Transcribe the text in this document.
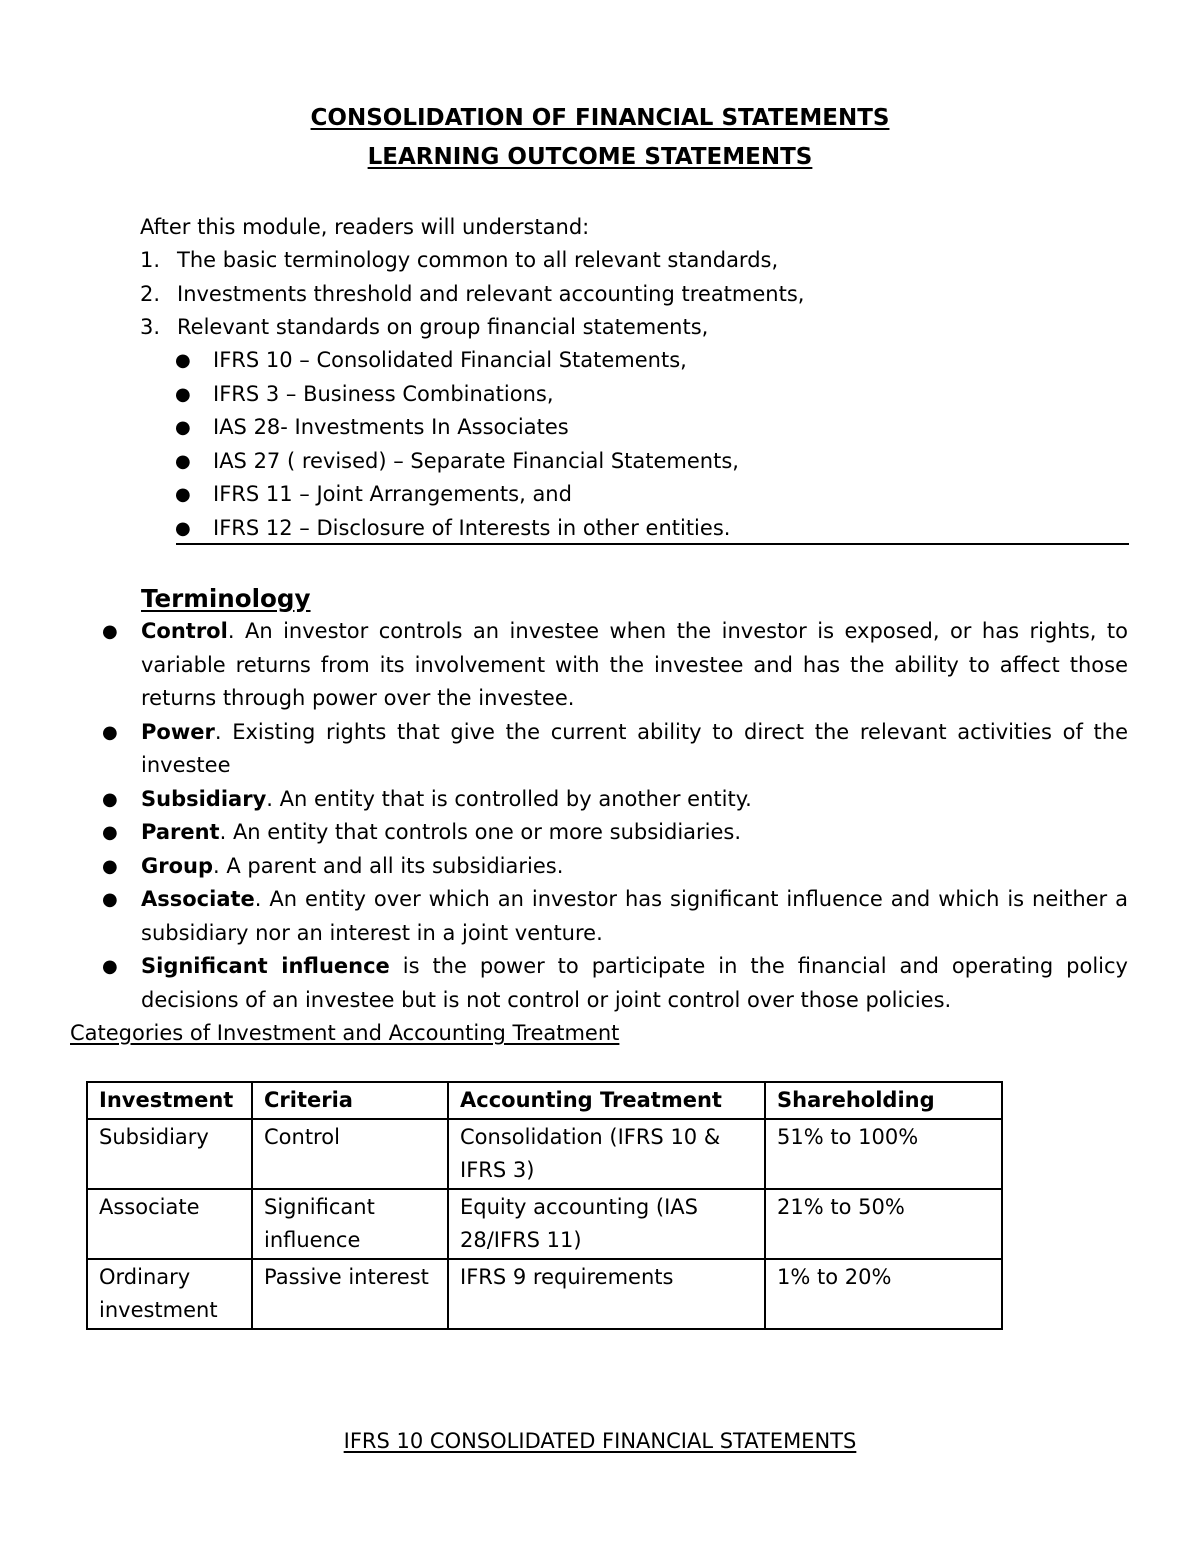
CONSOLIDATION OF FINANCIAL STATEMENTS
LEARNING OUTCOME STATEMENTS

After this module, readers will understand:

1. The basic terminology common to all relevant standards,
2. Investments threshold and relevant accounting treatments,
3. Relevant standards on group financial statements,
● IFRS 10 – Consolidated Financial Statements,
● IFRS 3 – Business Combinations,
● IAS 28- Investments In Associates
● IAS 27 ( revised) – Separate Financial Statements,
● IFRS 11 – Joint Arrangements, and
● IFRS 12 – Disclosure of Interests in other entities.
Terminology
● Control. An investor controls an investee when the investor is exposed, or has rights, to variable returns from its involvement with the investee and has the ability to affect those returns through power over the investee.
● Power. Existing rights that give the current ability to direct the relevant activities of the investee
● Subsidiary. An entity that is controlled by another entity.
● Parent. An entity that controls one or more subsidiaries.
● Group. A parent and all its subsidiaries.
● Associate. An entity over which an investor has significant influence and which is neither a subsidiary nor an interest in a joint venture.
● Significant influence is the power to participate in the financial and operating policy decisions of an investee but is not control or joint control over those policies.

Categories of Investment and Accounting Treatment

Investment	Criteria	Accounting Treatment	Shareholding
Subsidiary	Control	Consolidation (IFRS 10 & IFRS 3)	51% to 100%
Associate	Significant influence	Equity accounting (IAS 28/IFRS 11)	21% to 50%
Ordinary investment	Passive interest	IFRS 9 requirements	1% to 20%

IFRS 10 CONSOLIDATED FINANCIAL STATEMENTS
